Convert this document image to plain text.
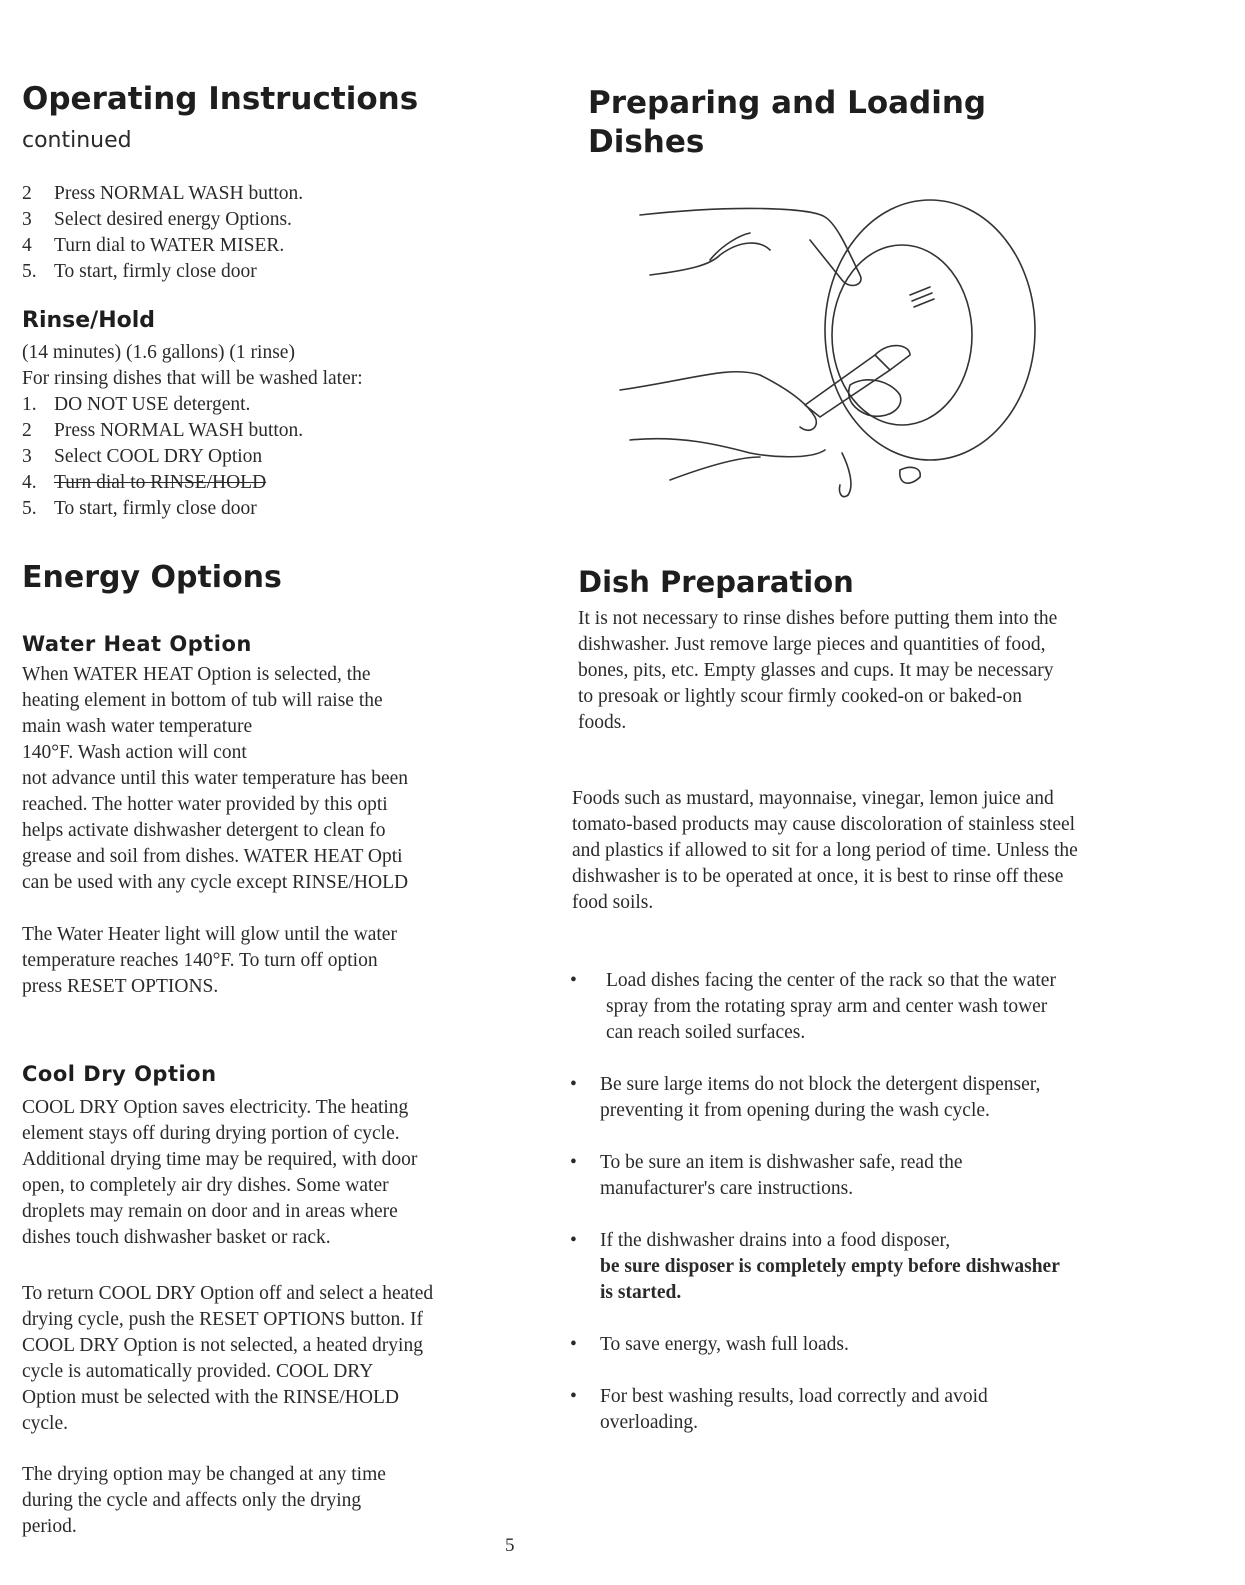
Operating Instructions
continued

2 Press NORMAL WASH button.

3 Select desired energy Options.

4 Turn dial to WATER MISER.

5. To start, firmly close door

Rinse/Hold

(14 minutes) (1.6 gallons) (1 rinse)

For rinsing dishes that will be washed later:

1. DO NOT USE detergent.

2 Press NORMAL WASH button.

3 Select COOL DRY Option

4. Turn dial to RINSE/HOLD

5. To start, firmly close door

Energy Options
Water Heat Option

When WATER HEAT Option is selected, the

heating element in bottom of tub will raise the

main wash water temperature

140°F. Wash action will cont

not advance until this water temperature has been

reached. The hotter water provided by this opti

helps activate dishwasher detergent to clean fo

grease and soil from dishes. WATER HEAT Opti

can be used with any cycle except RINSE/HOLD

The Water Heater light will glow until the water

temperature reaches 140°F. To turn off option

press RESET OPTIONS.

Cool Dry Option

COOL DRY Option saves electricity. The heating

element stays off during drying portion of cycle.

Additional drying time may be required, with door

open, to completely air dry dishes. Some water

droplets may remain on door and in areas where

dishes touch dishwasher basket or rack.

To return COOL DRY Option off and select a heated

drying cycle, push the RESET OPTIONS button. If

COOL DRY Option is not selected, a heated drying

cycle is automatically provided. COOL DRY

Option must be selected with the RINSE/HOLD

cycle.

The drying option may be changed at any time

during the cycle and affects only the drying

period.

Preparing and Loading
Dishes
Dish Preparation

It is not necessary to rinse dishes before putting them into the dishwasher. Just remove large pieces and quantities of food, bones, pits, etc. Empty glasses and cups. It may be necessary to presoak or lightly scour firmly cooked-on or baked-on foods.

Foods such as mustard, mayonnaise, vinegar, lemon juice and tomato-based products may cause discoloration of stainless steel and plastics if allowed to sit for a long period of time. Unless the dishwasher is to be operated at once, it is best to rinse off these food soils.

• Load dishes facing the center of the rack so that the water spray from the rotating spray arm and center wash tower can reach soiled surfaces.
• Be sure large items do not block the detergent dispenser, preventing it from opening during the wash cycle.
• To be sure an item is dishwasher safe, read the manufacturer's care instructions.
• If the dishwasher drains into a food disposer,
be sure disposer is completely empty before dishwasher is started.
• To save energy, wash full loads.
• For best washing results, load correctly and avoid overloading.
5
